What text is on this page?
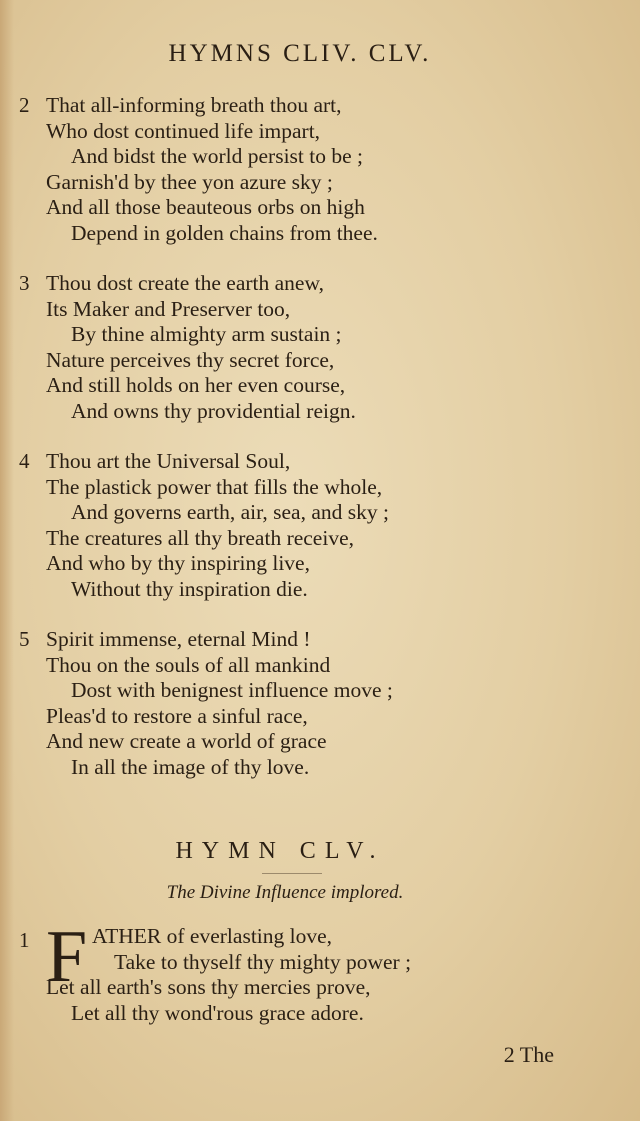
HYMNS CLIV. CLV.
2 That all-informing breath thou art,
Who dost continued life impart,
And bidst the world persist to be ;
Garnish'd by thee yon azure sky ;
And all those beauteous orbs on high
Depend in golden chains from thee.
3 Thou dost create the earth anew,
Its Maker and Preserver too,
By thine almighty arm sustain ;
Nature perceives thy secret force,
And still holds on her even course,
And owns thy providential reign.
4 Thou art the Universal Soul,
The plastick power that fills the whole,
And governs earth, air, sea, and sky ;
The creatures all thy breath receive,
And who by thy inspiring live,
Without thy inspiration die.
5 Spirit immense, eternal Mind !
Thou on the souls of all mankind
Dost with benignest influence move ;
Pleas'd to restore a sinful race,
And new create a world of grace
In all the image of thy love.
HYMN CLV.
The Divine Influence implored.
1 F ATHER of everlasting love,
Take to thyself thy mighty power ;
Let all earth's sons thy mercies prove,
Let all thy wond'rous grace adore.
2 The
